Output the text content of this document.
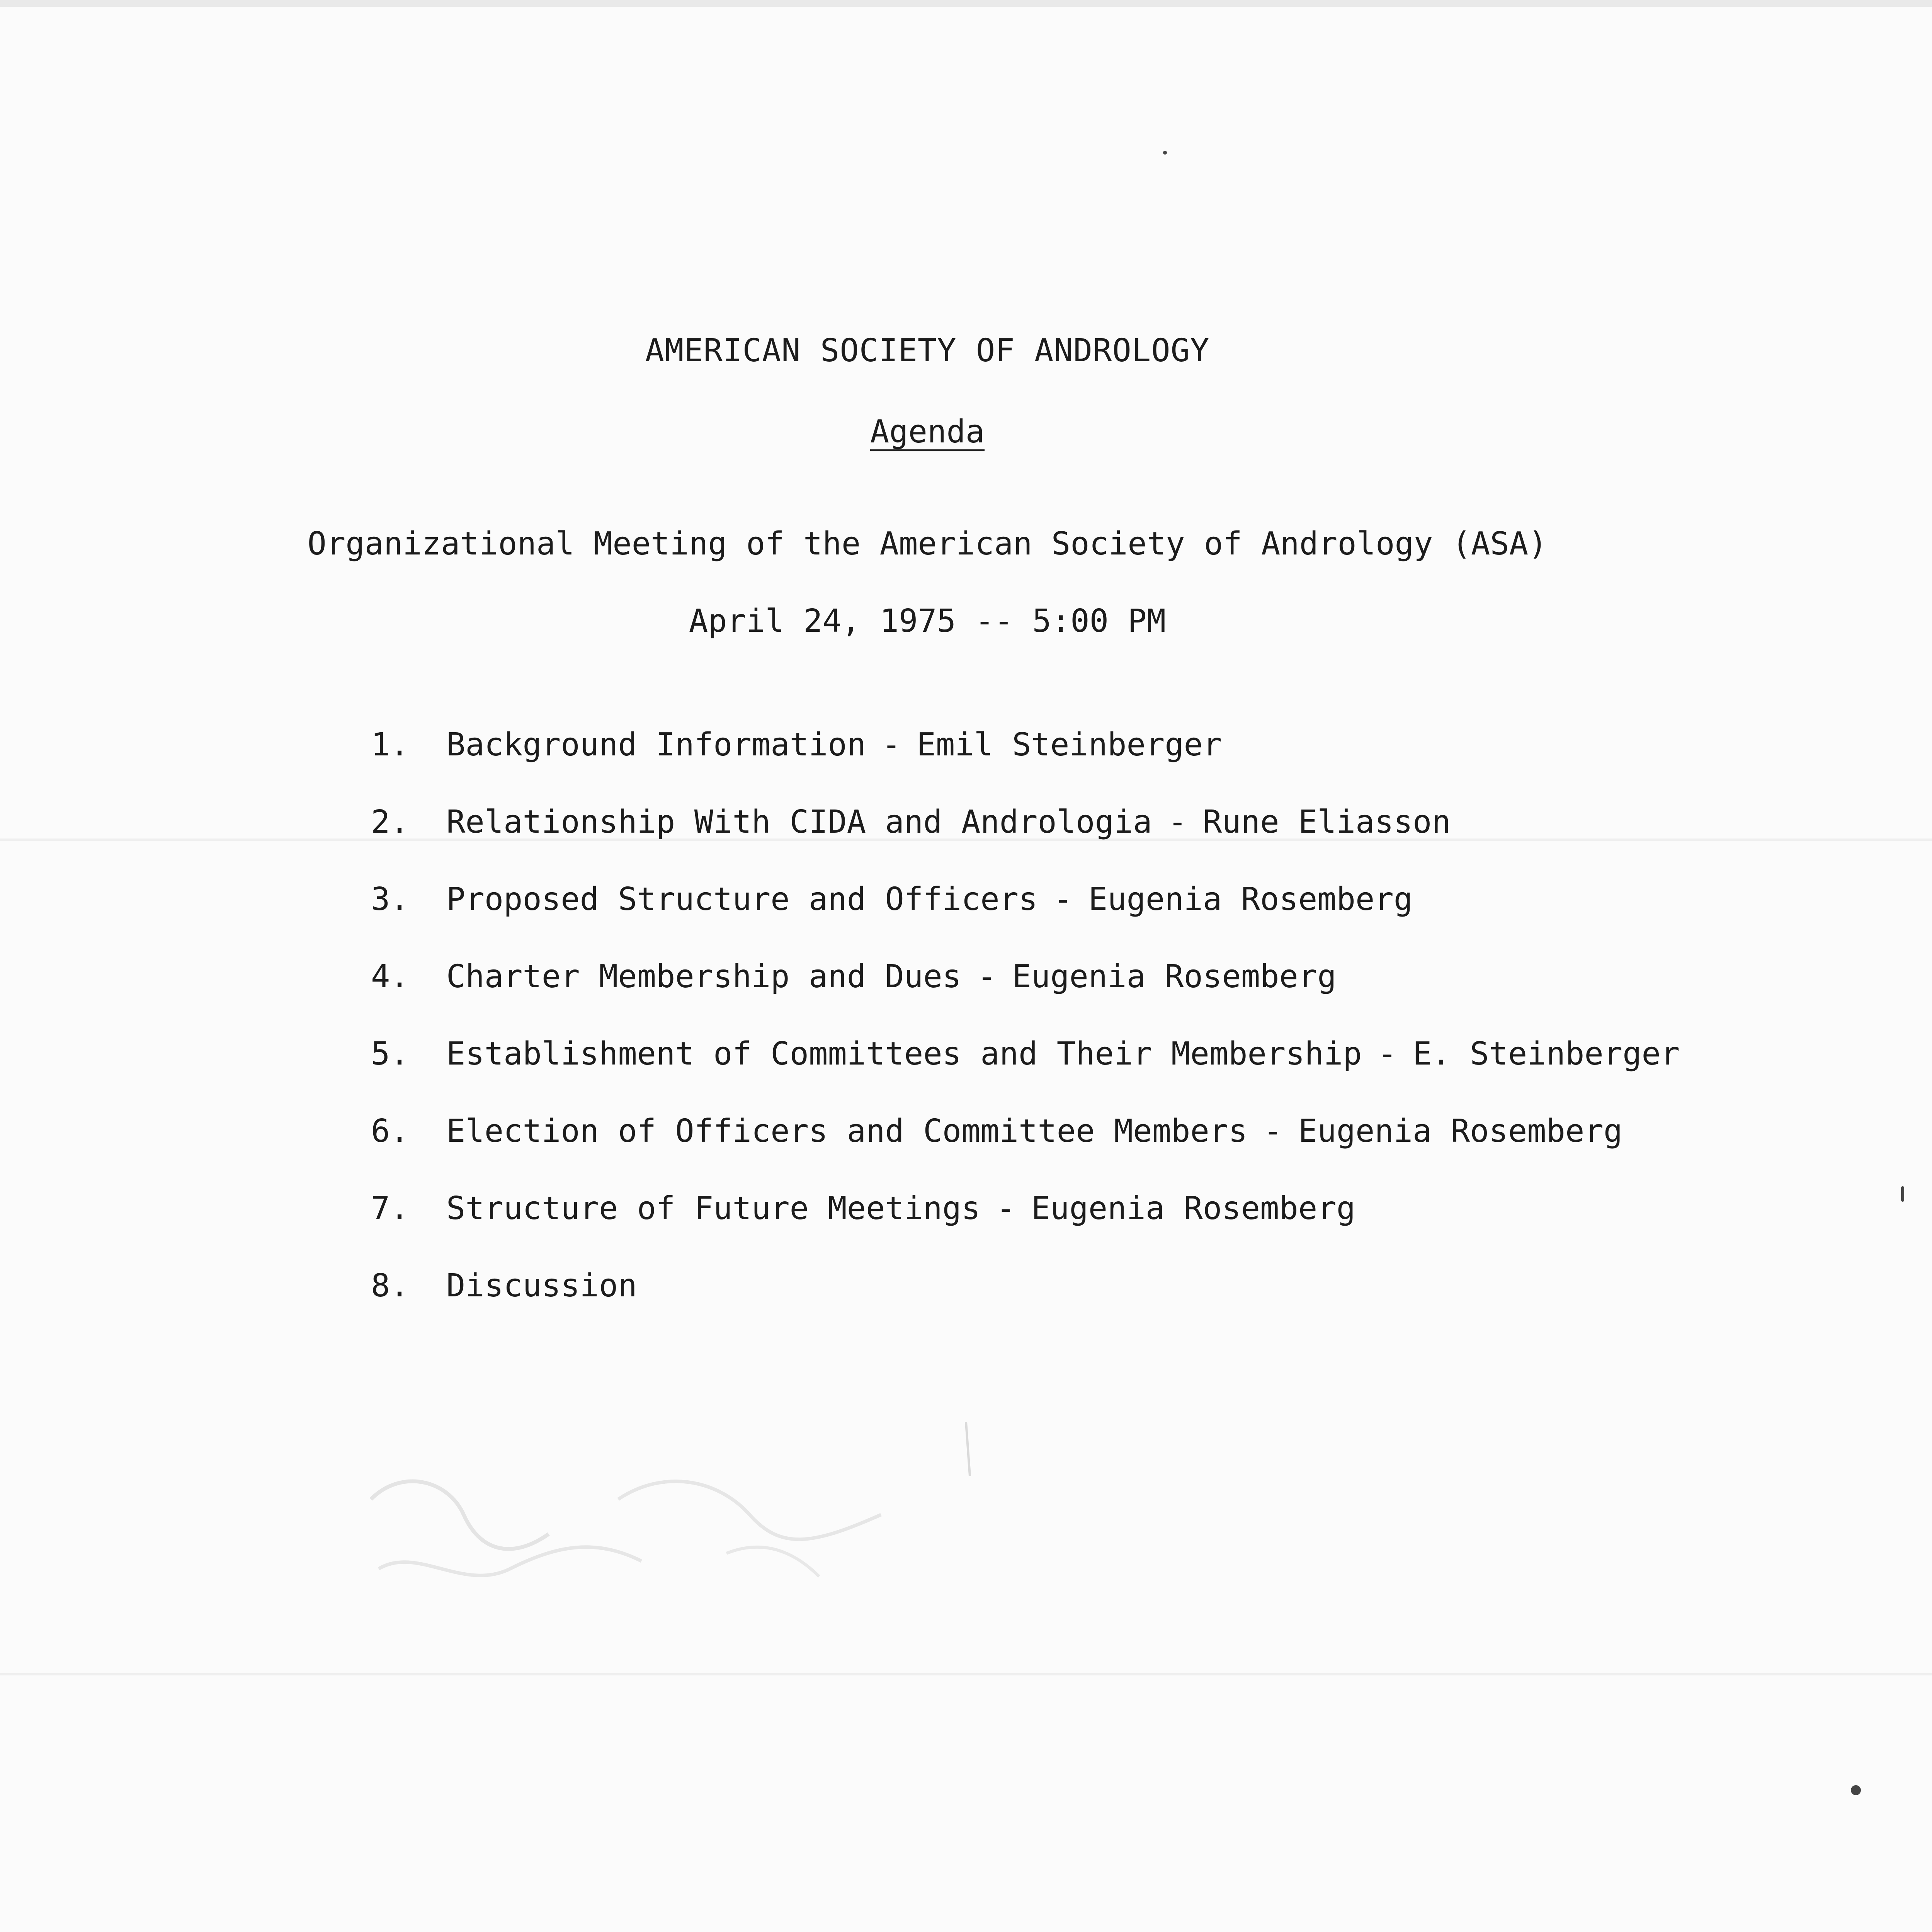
AMERICAN SOCIETY OF ANDROLOGY
Agenda
Organizational Meeting of the American Society of Andrology (ASA)
April 24, 1975 -- 5:00 PM
1.	Background Information - Emil Steinberger
2.	Relationship With CIDA and Andrologia - Rune Eliasson
3.	Proposed Structure and Officers - Eugenia Rosemberg
4.	Charter Membership and Dues - Eugenia Rosemberg
5.	Establishment of Committees and Their Membership - E. Steinberger
6.	Election of Officers and Committee Members - Eugenia Rosemberg
7.	Structure of Future Meetings - Eugenia Rosemberg
8.	Discussion
